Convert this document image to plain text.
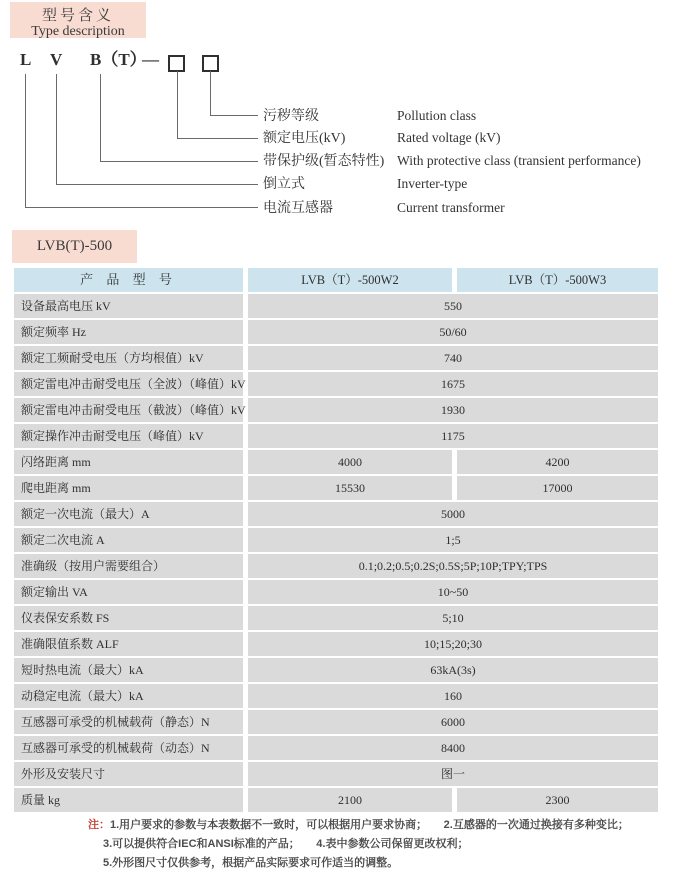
型号含义
Type description
L V B（T）
—
污秽等级	Pollution class
额定电压(kV)	Rated voltage (kV)
带保护级(暂态特性) With protective class (transient performance)
倒立式	Inverter-type
电流互感器	Current transformer
LVB(T)-500
产 品 型 号	LVB（T）-500W2	LVB（T）-500W3
设备最高电压 kV	550
额定频率 Hz	50/60
额定工频耐受电压（方均根值）kV	740
额定雷电冲击耐受电压（全波）（峰值）kV	1675
额定雷电冲击耐受电压（截波）（峰值）kV	1930
额定操作冲击耐受电压（峰值）kV	1175
闪络距离 mm	4000	4200
爬电距离 mm	15530	17000
额定一次电流（最大）A	5000
额定二次电流 A	1;5
准确级（按用户需要组合）	0.1;0.2;0.5;0.2S;0.5S;5P;10P;TPY;TPS
额定输出 VA	10~50
仪表保安系数 FS	5;10
准确限值系数 ALF	10;15;20;30
短时热电流（最大）kA	63kA(3s)
动稳定电流（最大）kA	160
互感器可承受的机械载荷（静态）N	6000
互感器可承受的机械载荷（动态）N	8400
外形及安装尺寸	图一
质量 kg	2100	2300
注：1.用户要求的参数与本表数据不一致时，可以根据用户要求协商；　　2.互感器的一次通过换接有多种变比；
3.可以提供符合IEC和ANSI标准的产品；　　4.表中参数公司保留更改权利；
5.外形图尺寸仅供参考，根据产品实际要求可作适当的调整。
